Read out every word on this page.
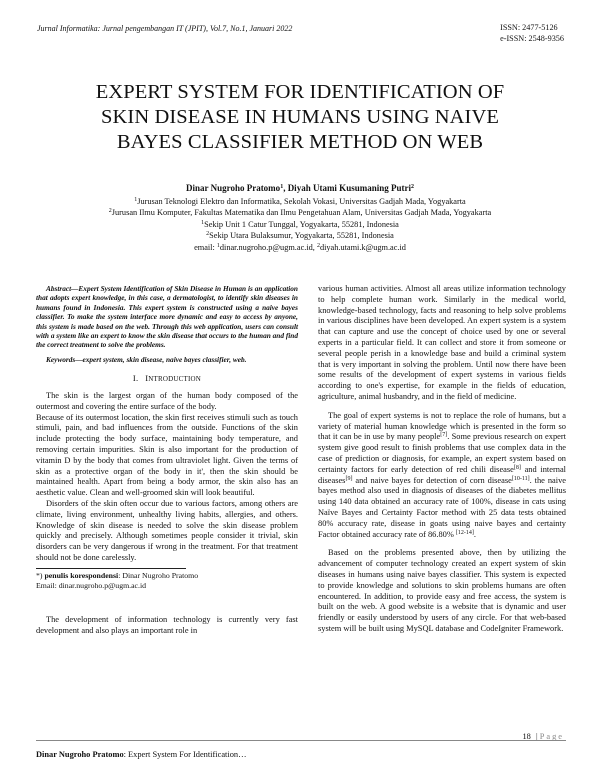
Jurnal Informatika: Jurnal pengembangan IT (JPIT), Vol.7, No.1, Januari 2022	ISSN: 2477-5126
e-ISSN: 2548-9356
EXPERT SYSTEM FOR IDENTIFICATION OF
SKIN DISEASE IN HUMANS USING NAIVE
BAYES CLASSIFIER METHOD ON WEB
Dinar Nugroho Pratomo$^1$, Diyah Utami Kusumaning Putri$^2$
$^1$Jurusan Teknologi Elektro dan Informatika, Sekolah Vokasi, Universitas Gadjah Mada, Yogyakarta
$^2$Jurusan Ilmu Komputer, Fakultas Matematika dan Ilmu Pengetahuan Alam, Universitas Gadjah Mada, Yogyakarta
$^1$Sekip Unit 1 Catur Tunggal, Yogyakarta, 55281, Indonesia
$^2$Sekip Utara Bulaksumur, Yogyakarta, 55281, Indonesia
email: $^1$dinar.nugroho.p@ugm.ac.id, $^2$diyah.utami.k@ugm.ac.id

Abstract—Expert System Identification of Skin Disease in Human is an application that adopts expert knowledge, in this case, a dermatologist, to identify skin diseases in humans found in Indonesia. This expert system is constructed using a naive bayes classifier. To make the system interface more dynamic and easy to access by anyone, this system is made based on the web. Through this web application, users can consult with a system like an expert to know the skin disease that occurs to the human and find the correct treatment to solve the problems.

Keywords—expert system, skin disease, naive bayes classifier, web.

I. INTRODUCTION

The skin is the largest organ of the human body composed of the outermost and covering the entire surface of the body.

Because of its outermost location, the skin first receives stimuli such as touch stimuli, pain, and bad influences from the outside. Functions of the skin include protecting the body surface, maintaining body temperature, and removing certain impurities. Skin is also important for the production of vitamin D by the body that comes from ultraviolet light. Given the terms of skin as a protective organ of the body in it', then the skin should be maintained health. Apart from being a body armor, the skin also has an aesthetic value. Clean and well-groomed skin will look beautiful.

Disorders of the skin often occur due to various factors, among others are climate, living environment, unhealthy living habits, allergies, and others. Knowledge of skin disease is needed to solve the skin disease problem quickly and precisely. Although sometimes people consider it trivial, skin disorders can be very dangerous if wrong in the treatment. For that treatment should not be done carelessly.

*) penulis korespondensi: Dinar Nugroho Pratomo
Email: dinar.nugroho.p@ugm.ac.id

The development of information technology is currently very fast development and also plays an important role in

various human activities. Almost all areas utilize information technology to help complete human work. Similarly in the medical world, knowledge-based technology, facts and reasoning to help solve problems in various disciplines have been developed. An expert system is a system that can capture and use the concept of choice used by one or several experts in a particular field. It can collect and store it from someone or several people perish in a knowledge base and build a criminal system that is very important in solving the problem. Until now there have been some results of the development of expert systems in various fields according to one's expertise, for example in the fields of education, agriculture, animal husbandry, and in the field of medicine.

The goal of expert systems is not to replace the role of humans, but a variety of material human knowledge which is presented in the form so that it can be in use by many people[7]. Some previous research on expert system give good result to finish problems that use complex data in the case of prediction or diagnosis, for example, an expert system based on certainty factors for early detection of red chili disease[8] and internal diseases[9] and naive bayes for detection of corn disease[10-11]. the naive bayes method also used in diagnosis of diseases of the diabetes mellitus using 140 data obtained an accuracy rate of 100%, disease in cats using Naïve Bayes and Certainty Factor method with 25 data tests obtained 80% accuracy rate, disease in goats using naive bayes and certainty Factor obtained accuracy rate of 86.80% [12-14].

Based on the problems presented above, then by utilizing the advancement of computer technology created an expert system of skin diseases in humans using naive bayes classifier. This system is expected to provide knowledge and solutions to skin problems humans are often encountered. In addition, to provide easy and free access, the system is built on the web. A good website is a website that is dynamic and user friendly or easily understood by users of any circle. For that web-based system will be built using MySQL database and CodeIgniter Framework.

18 | Page
Dinar Nugroho Pratomo: Expert System For Identification…
